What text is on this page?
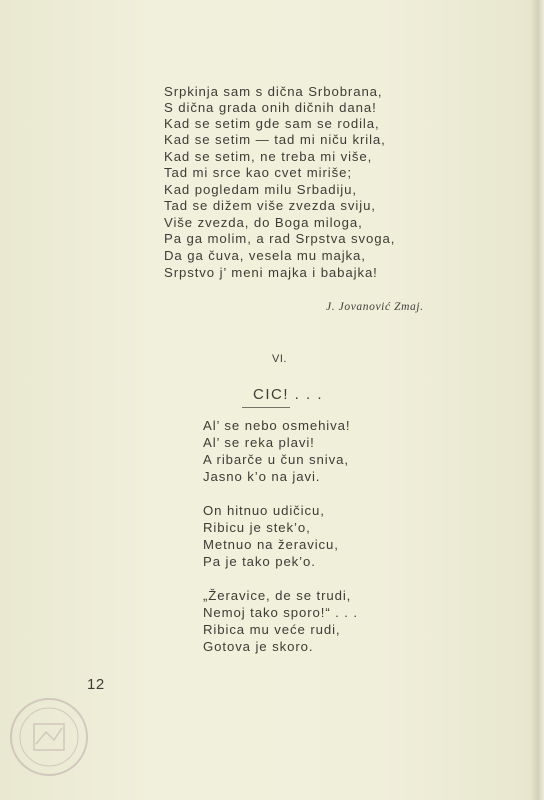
Srpkinja sam s dična Srbobrana,
S dična grada onih dičnih dana!
Kad se setim gde sam se rodila,
Kad se setim — tad mi niču krila,
Kad se setim, ne treba mi više,
Tad mi srce kao cvet miriše;
Kad pogledam milu Srbadiju,
Tad se dižem više zvezda sviju,
Više zvezda, do Boga miloga,
Pa ga molim, a rad Srpstva svoga,
Da ga čuva, vesela mu majka,
Srpstvo j’ meni majka i babajka!
J. Jovanović Zmaj.
VI.
CIC! . . .
Al’ se nebo osmehiva!
Al’ se reka plavi!
A ribarče u čun sniva,
Jasno k’o na javi.
On hitnuo udičicu,
Ribicu je stek’o,
Metnuo na žeravicu,
Pa je tako pek’o.
„Žeravice, de se trudi,
Nemoj tako sporo!“ . . .
Ribica mu veće rudi,
Gotova je skoro.
12
